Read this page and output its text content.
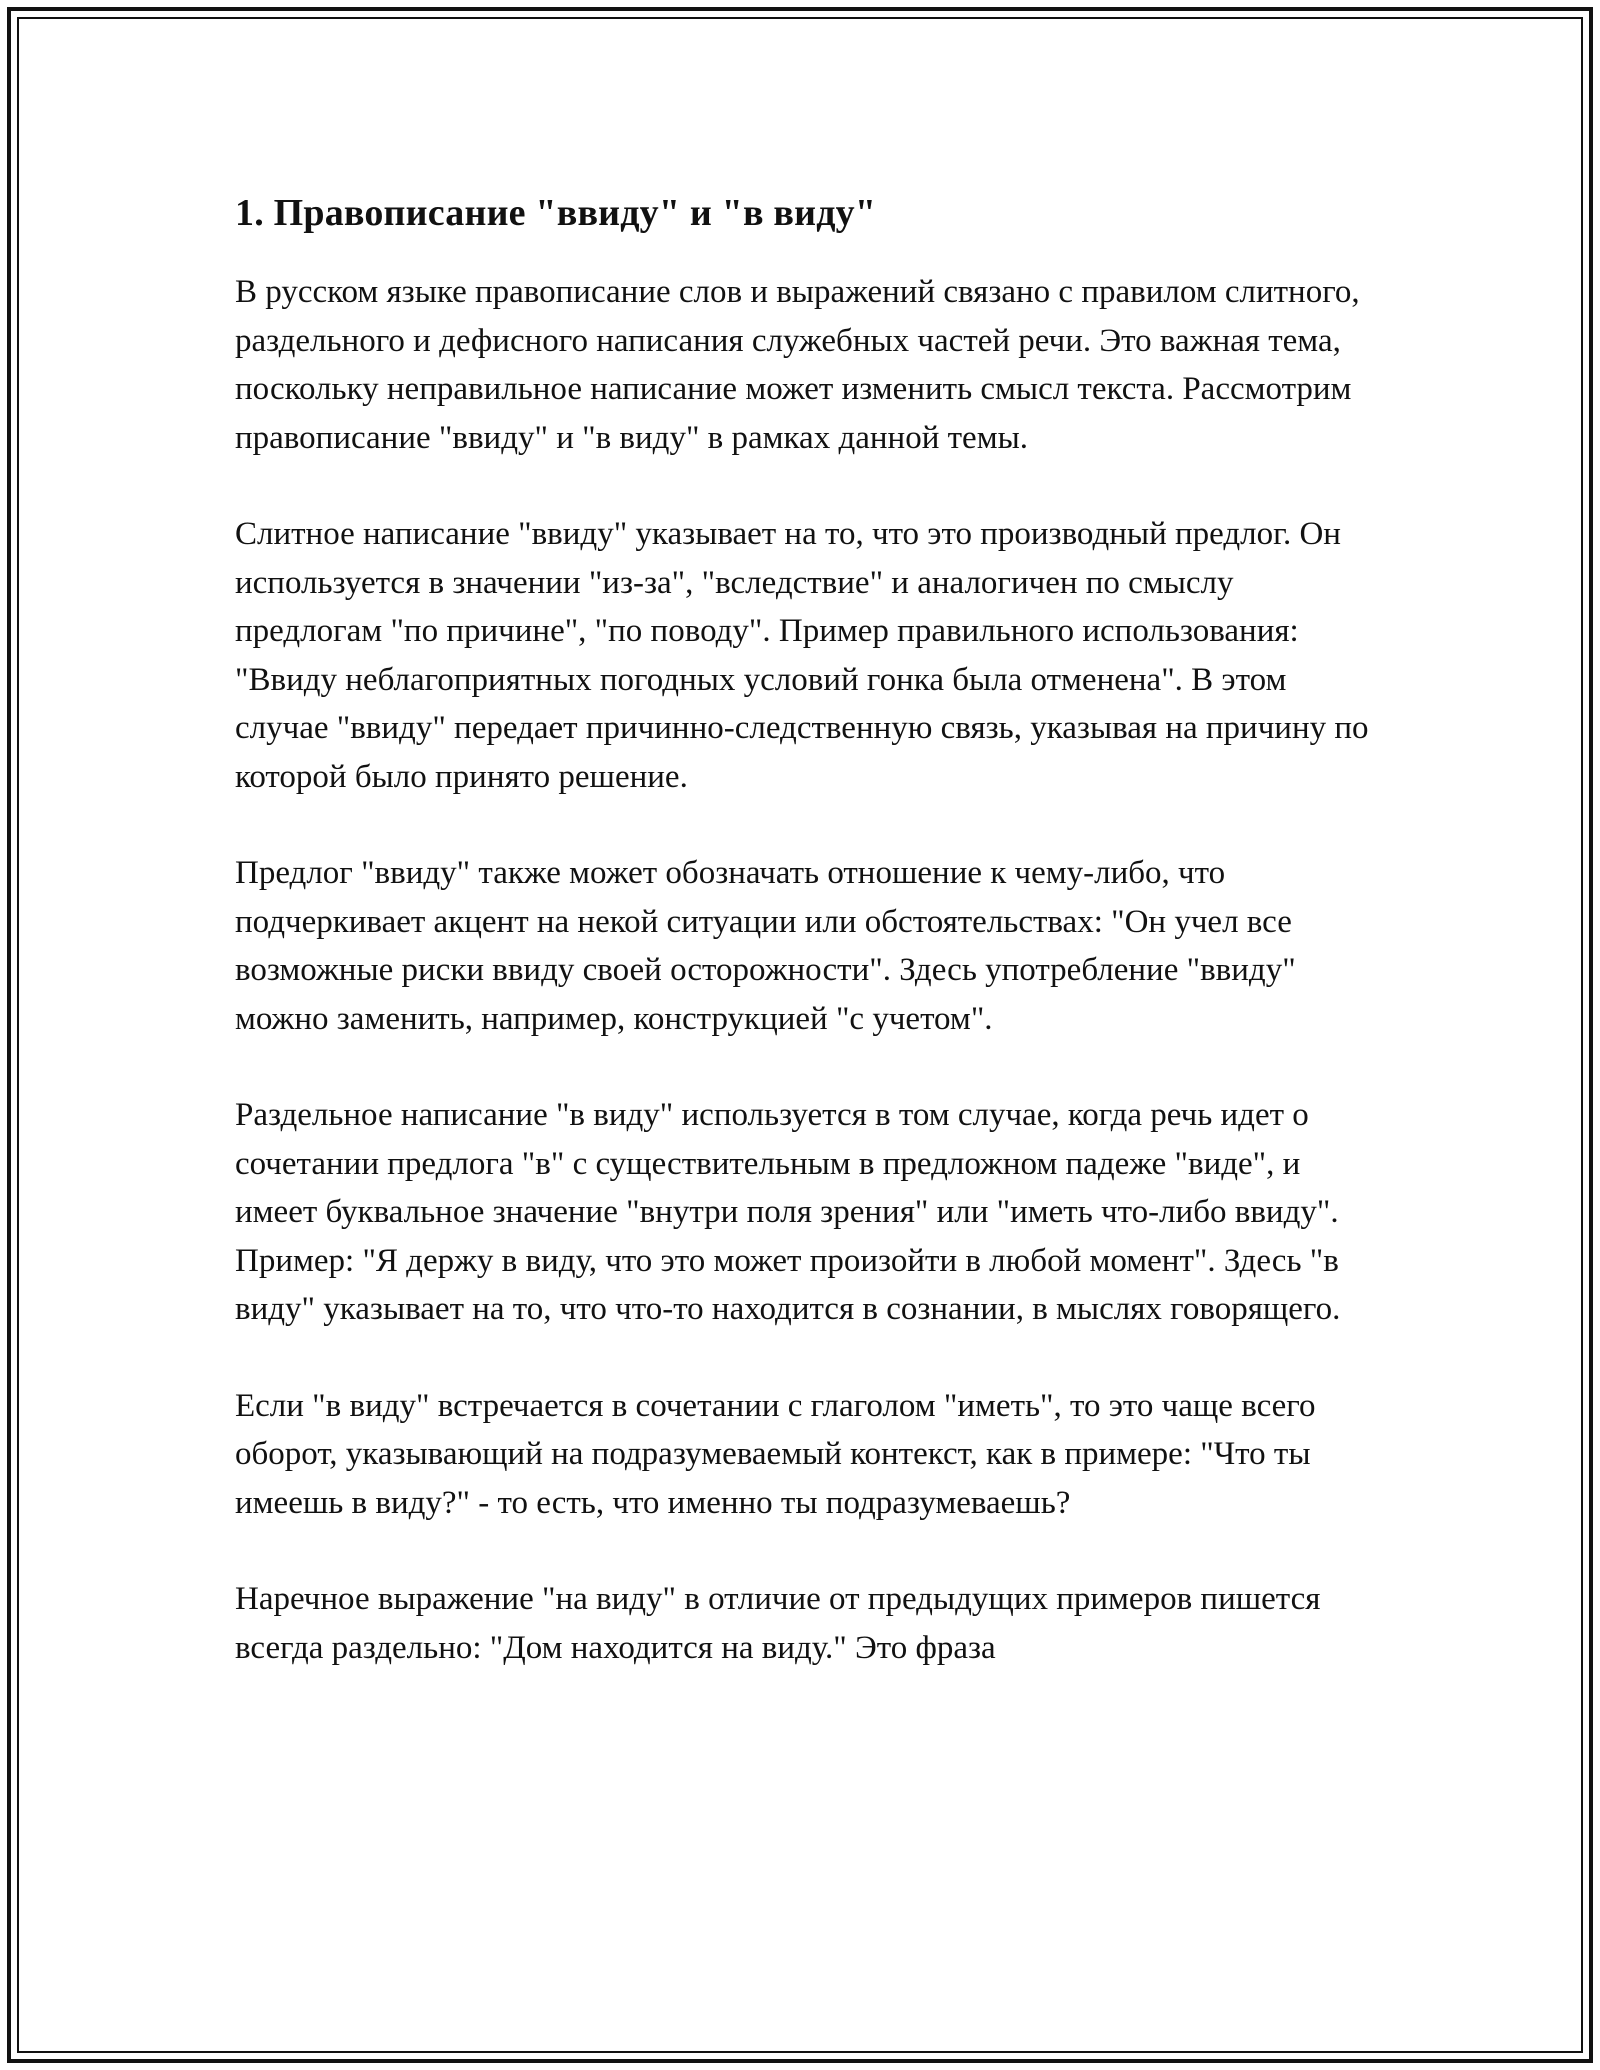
1. Правописание "ввиду" и "в виду"

В русском языке правописание слов и выражений связано с правилом слитного, раздельного и дефисного написания служебных частей речи. Это важная тема, поскольку неправильное написание может изменить смысл текста. Рассмотрим правописание "ввиду" и "в виду" в рамках данной темы.

Слитное написание "ввиду" указывает на то, что это производный предлог. Он используется в значении "из-за", "вследствие" и аналогичен по смыслу предлогам "по причине", "по поводу". Пример правильного использования: "Ввиду неблагоприятных погодных условий гонка была отменена". В этом случае "ввиду" передает причинно-следственную связь, указывая на причину по которой было принято решение.

Предлог "ввиду" также может обозначать отношение к чему-либо, что подчеркивает акцент на некой ситуации или обстоятельствах: "Он учел все возможные риски ввиду своей осторожности". Здесь употребление "ввиду" можно заменить, например, конструкцией "с учетом".

Раздельное написание "в виду" используется в том случае, когда речь идет о сочетании предлога "в" с существительным в предложном падеже "виде", и имеет буквальное значение "внутри поля зрения" или "иметь что-либо ввиду". Пример: "Я держу в виду, что это может произойти в любой момент". Здесь "в виду" указывает на то, что что-то находится в сознании, в мыслях говорящего.

Если "в виду" встречается в сочетании с глаголом "иметь", то это чаще всего оборот, указывающий на подразумеваемый контекст, как в примере: "Что ты имеешь в виду?" - то есть, что именно ты подразумеваешь?

Наречное выражение "на виду" в отличие от предыдущих примеров пишется всегда раздельно: "Дом находится на виду." Это фраза
